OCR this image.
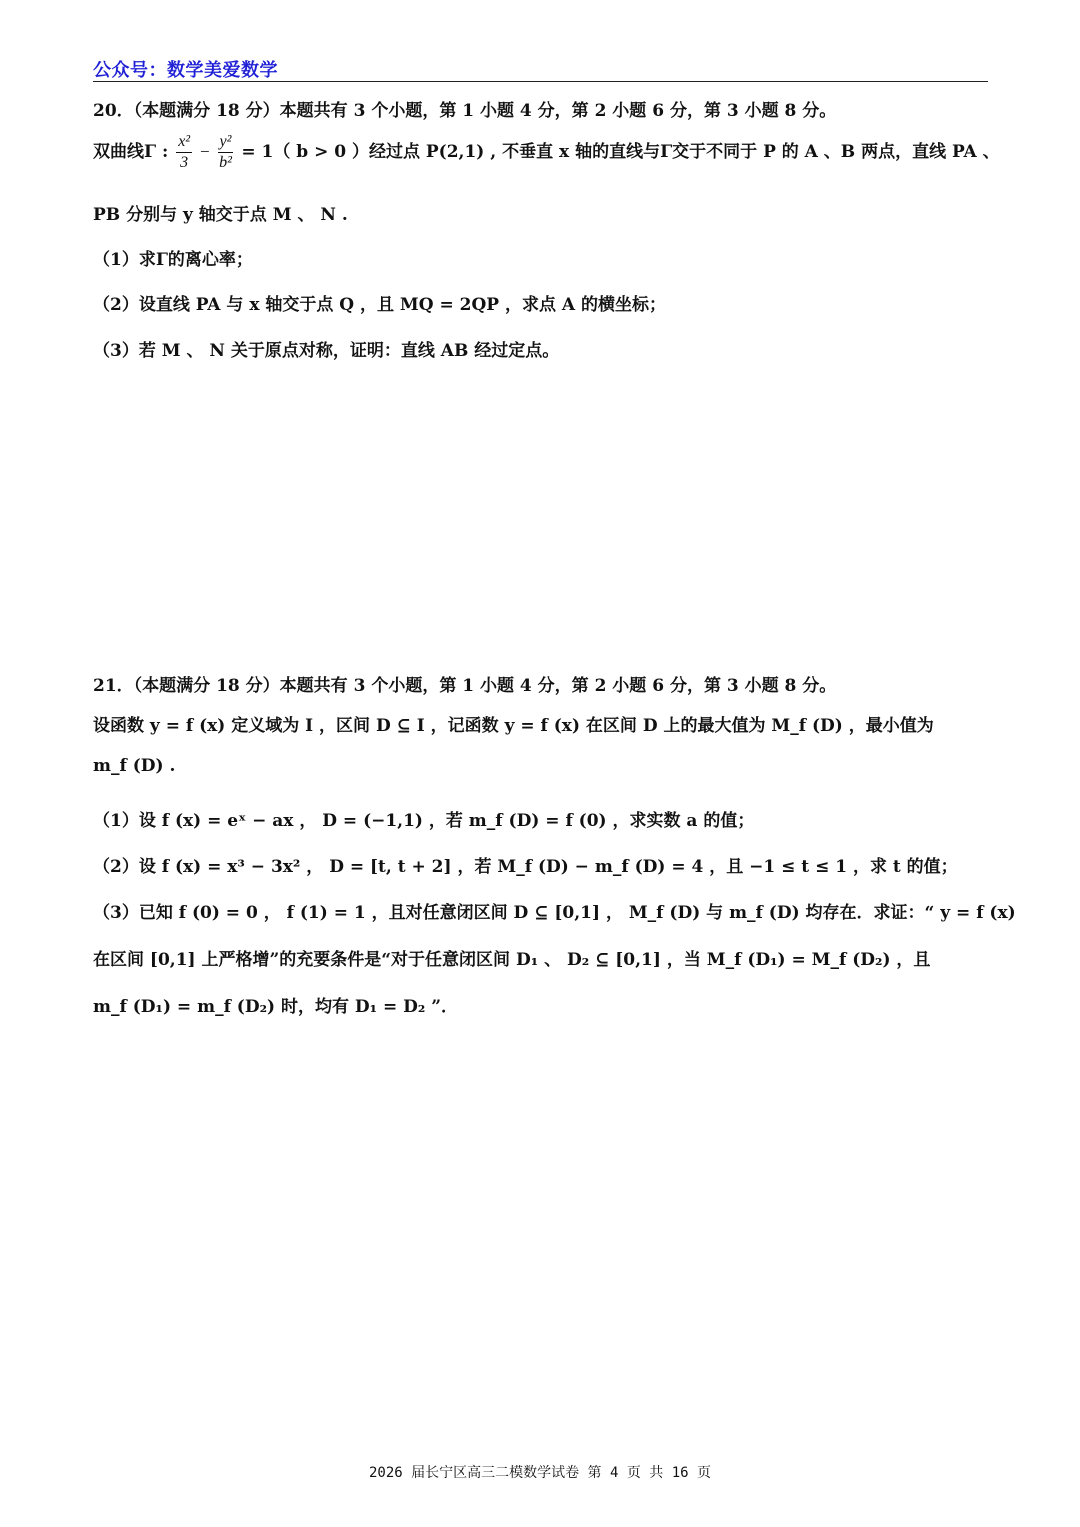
公众号：数学美爱数学
20．（本题满分 18 分）本题共有 3 个小题，第 1 小题 4 分，第 2 小题 6 分，第 3 小题 8 分。
双曲线Γ : $\frac{\text{x²}}{3} - \frac{\text{y²}}{\text{b²}} = 1$（ b > 0 ）经过点 P(2,1) , 不垂直 x 轴的直线与Γ交于不同于 P 的 A 、B 两点，直线 PA 、
PB 分别与 y 轴交于点 M 、 N .
（1）求Γ的离心率；
（2）设直线 PA 与 x 轴交于点 Q ，且 MQ = 2QP ，求点 A 的横坐标；
（3）若 M 、 N 关于原点对称，证明：直线 AB 经过定点。
21．（本题满分 18 分）本题共有 3 个小题，第 1 小题 4 分，第 2 小题 6 分，第 3 小题 8 分。
设函数 y = f (x) 定义域为 I ，区间 D ⊆ I ，记函数 y = f (x) 在区间 D 上的最大值为 M_f (D) ，最小值为
m_f (D) .
（1）设 f (x) = eˣ − ax ， D = (−1,1) ，若 m_f (D) = f (0) ，求实数 a 的值；
（2）设 f (x) = x³ − 3x² ， D = [t, t + 2] ，若 M_f (D) − m_f (D) = 4 ，且 −1 ≤ t ≤ 1 ，求 t 的值；
（3）已知 f (0) = 0 ， f (1) = 1 ，且对任意闭区间 D ⊆ [0,1] ， M_f (D) 与 m_f (D) 均存在．求证：“ y = f (x)
在区间 [0,1] 上严格增”的充要条件是“对于任意闭区间 D₁ 、 D₂ ⊆ [0,1] ，当 M_f (D₁) = M_f (D₂) ，且
m_f (D₁) = m_f (D₂) 时，均有 D₁ = D₂ ”．
2026 届长宁区高三二模数学试卷 第 4 页 共 16 页
